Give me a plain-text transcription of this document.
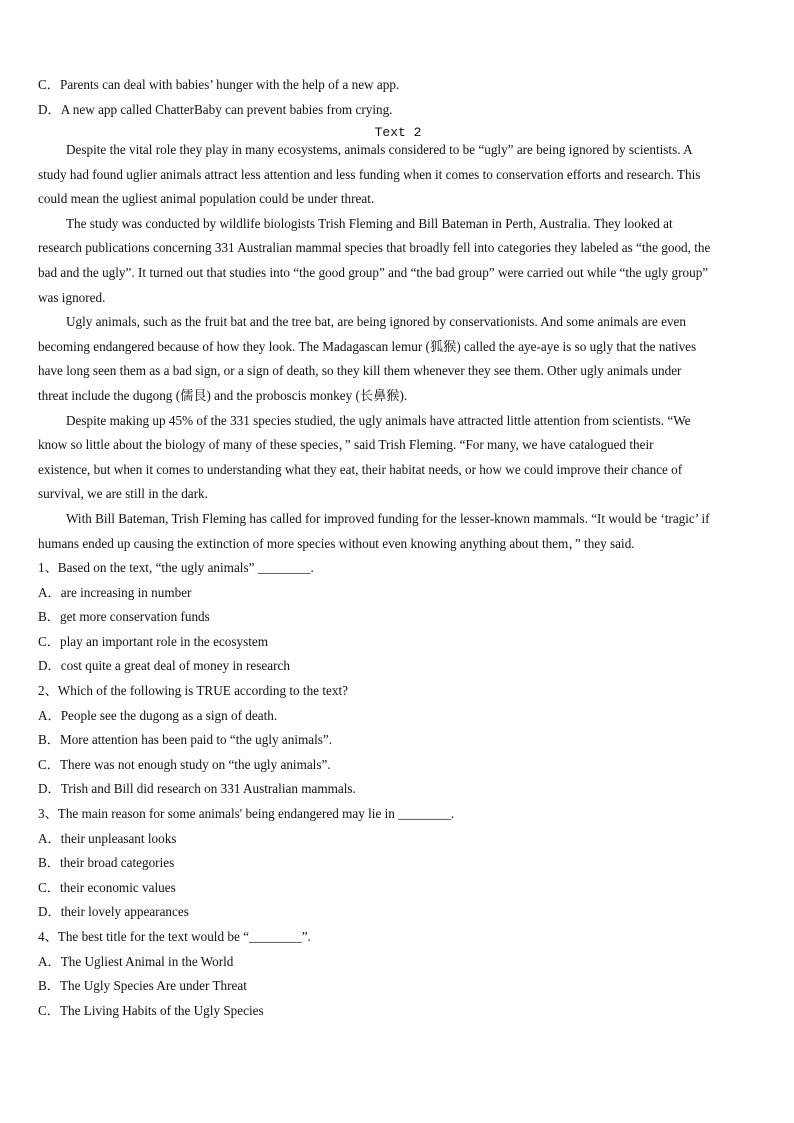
C．Parents can deal with babies’ hunger with the help of a new app.
D．A new app called ChatterBaby can prevent babies from crying.
Text 2
Despite the vital role they play in many ecosystems, animals considered to be “ugly” are being ignored by scientists. A
study had found uglier animals attract less attention and less funding when it comes to conservation efforts and research. This
could mean the ugliest animal population could be under threat.
The study was conducted by wildlife biologists Trish Fleming and Bill Bateman in Perth, Australia. They looked at
research publications concerning 331 Australian mammal species that broadly fell into categories they labeled as “the good, the
bad and the ugly”. It turned out that studies into “the good group” and “the bad group” were carried out while “the ugly group”
was ignored.
Ugly animals, such as the fruit bat and the tree bat, are being ignored by conservationists. And some animals are even
becoming endangered because of how they look. The Madagascan lemur (狐猴) called the aye-aye is so ugly that the natives
have long seen them as a bad sign, or a sign of death, so they kill them whenever they see them. Other ugly animals under
threat include the dugong (儒艮) and the proboscis monkey (长鼻猴).
Despite making up 45% of the 331 species studied, the ugly animals have attracted little attention from scientists. “We
know so little about the biology of many of these species，” said Trish Fleming. “For many, we have catalogued their
existence, but when it comes to understanding what they eat, their habitat needs, or how we could improve their chance of
survival, we are still in the dark.
With Bill Bateman, Trish Fleming has called for improved funding for the lesser-known mammals. “It would be ‘tragic’ if
humans ended up causing the extinction of more species without even knowing anything about them，” they said.
1、Based on the text, “the ugly animals” ________.
A．are increasing in number
B．get more conservation funds
C．play an important role in the ecosystem
D．cost quite a great deal of money in research
2、Which of the following is TRUE according to the text?
A．People see the dugong as a sign of death.
B．More attention has been paid to “the ugly animals”.
C．There was not enough study on “the ugly animals”.
D．Trish and Bill did research on 331 Australian mammals.
3、The main reason for some animals' being endangered may lie in ________.
A．their unpleasant looks
B．their broad categories
C．their economic values
D．their lovely appearances
4、The best title for the text would be “________”.
A．The Ugliest Animal in the World
B．The Ugly Species Are under Threat
C．The Living Habits of the Ugly Species
